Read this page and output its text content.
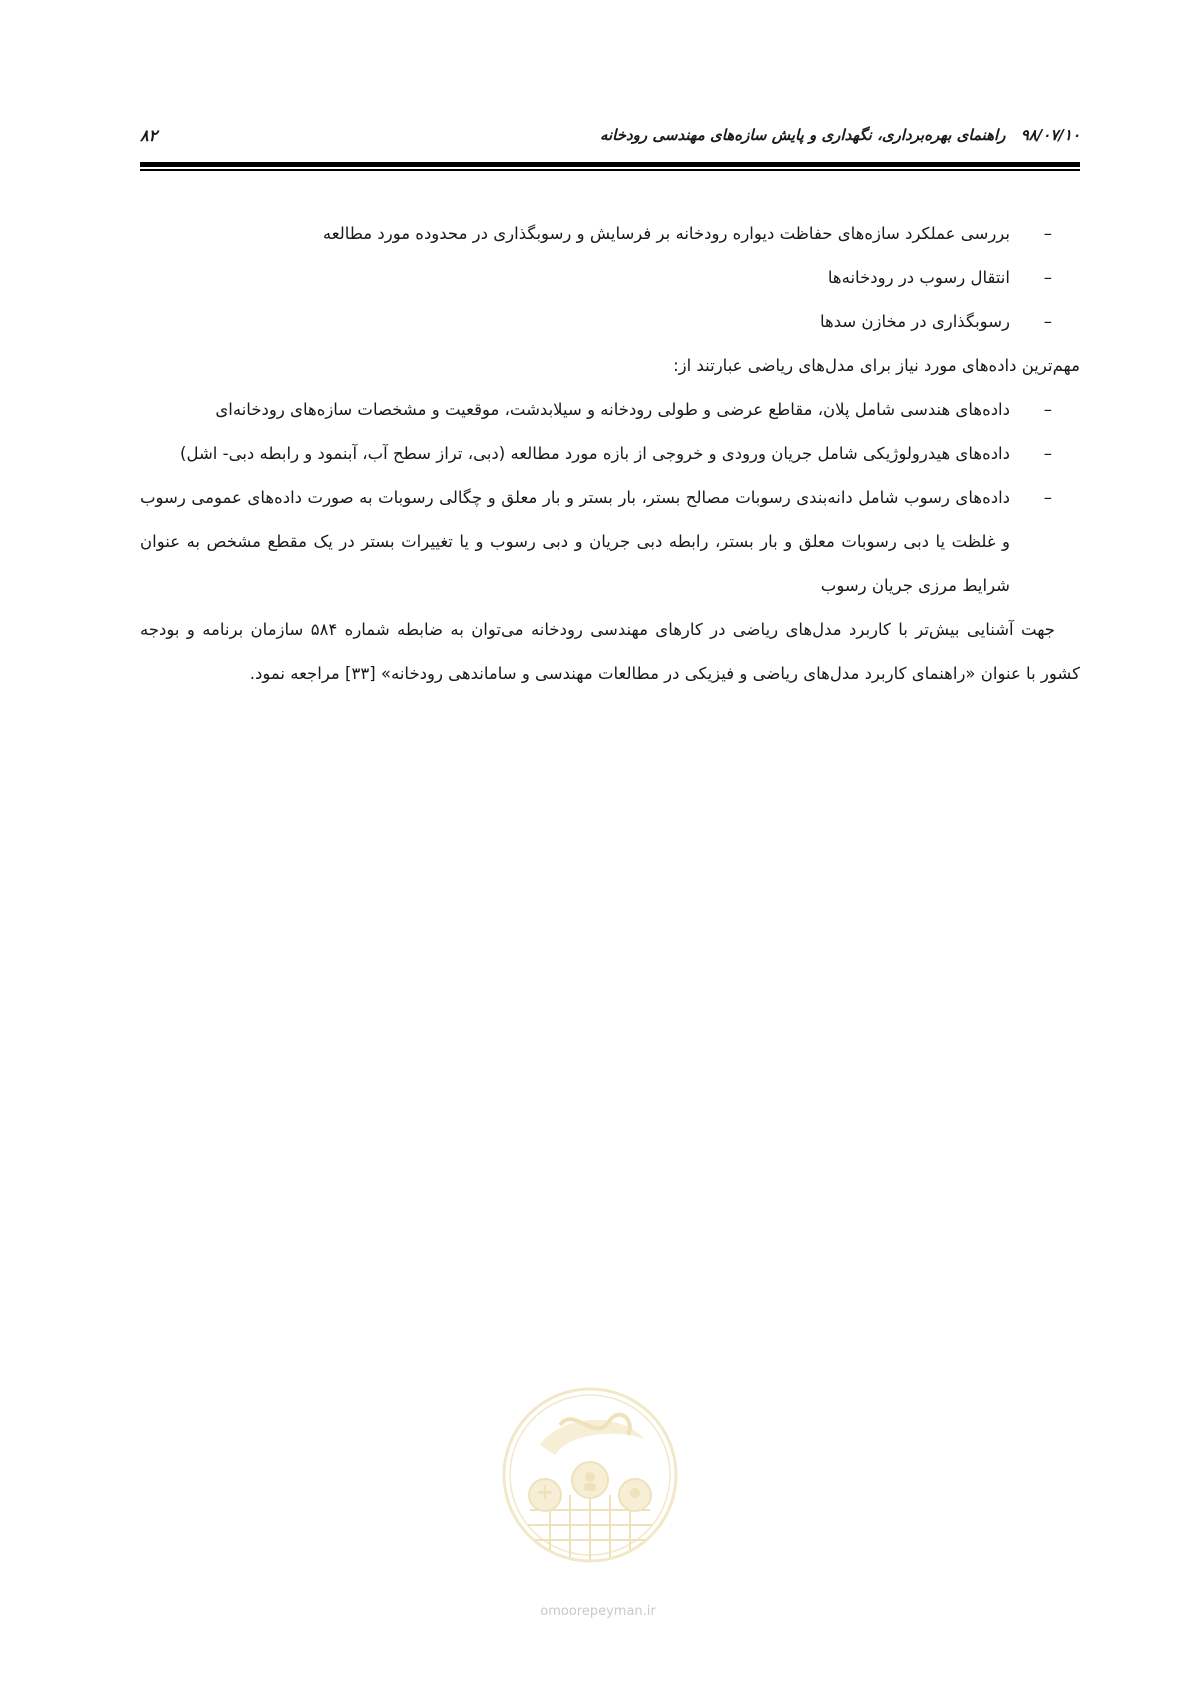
۹۸/۰۷/۱۰ راهنمای بهره‌برداری، نگهداری و پایش سازه‌های مهندسی رودخانه
۸۲
–
بررسی عملکرد سازه‌های حفاظت دیواره رودخانه بر فرسایش و رسوبگذاری در محدوده مورد مطالعه
–
انتقال رسوب در رودخانه‌ها
–
رسوبگذاری در مخازن سدها
مهم‌ترین داده‌های مورد نیاز برای مدل‌های ریاضی عبارتند از:
–
داده‌های هندسی شامل پلان، مقاطع عرضی و طولی رودخانه و سیلابدشت، موقعیت و مشخصات سازه‌های رودخانه‌ای
–
داده‌های هیدرولوژیکی شامل جریان ورودی و خروجی از بازه مورد مطالعه (دبی، تراز سطح آب، آبنمود و رابطه دبی- اشل)
–
داده‌های رسوب شامل دانه‌بندی رسوبات مصالح بستر، بار بستر و بار معلق و چگالی رسوبات به صورت داده‌های عمومی رسوب و غلظت یا دبی رسوبات معلق و بار بستر، رابطه دبی جریان و دبی رسوب و یا تغییرات بستر در یک مقطع مشخص به عنوان شرایط مرزی جریان رسوب
جهت آشنایی بیش‌تر با کاربرد مدل‌های ریاضی در کارهای مهندسی رودخانه می‌توان به ضابطه شماره ۵۸۴ سازمان برنامه و بودجه کشور با عنوان «راهنمای کاربرد مدل‌های ریاضی و فیزیکی در مطالعات مهندسی و ساماندهی رودخانه» [۳۳] مراجعه نمود.
omoorepeyman.ir
